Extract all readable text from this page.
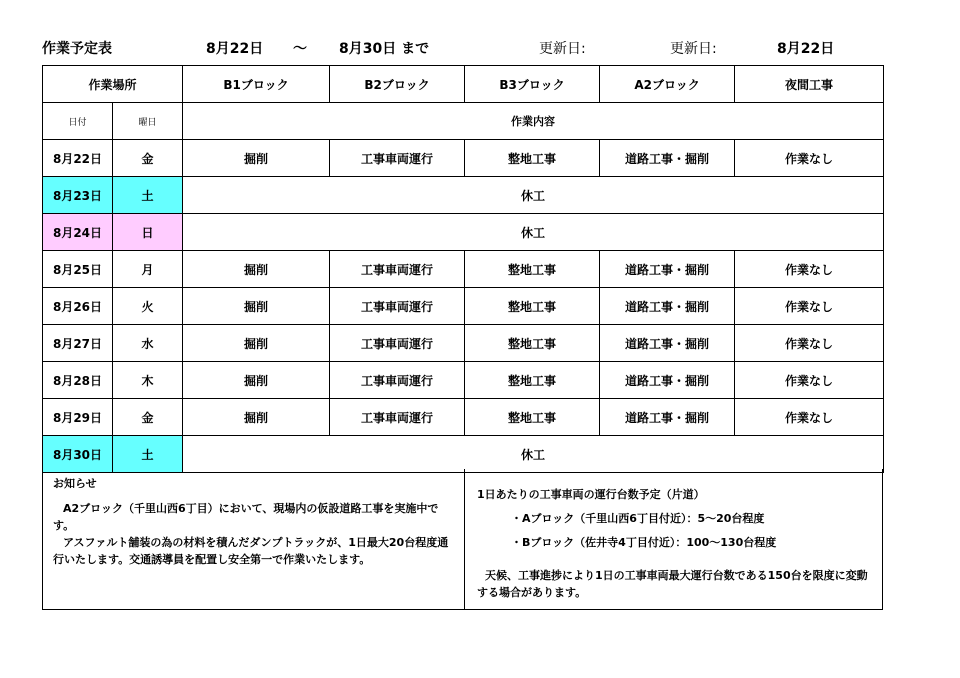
作業予定表	8月22日 〜 8月30日 まで	更新日:	更新日:	8月22日
作業場所		B1ブロック	B2ブロック	B3ブロック	A2ブロック	夜間工事
日付	曜日	作業内容				
8月22日	金	掘削	工事車両運行	整地工事	道路工事・掘削	作業なし
8月23日	土	休工				
8月24日	日	休工				
8月25日	月	掘削	工事車両運行	整地工事	道路工事・掘削	作業なし
8月26日	火	掘削	工事車両運行	整地工事	道路工事・掘削	作業なし
8月27日	水	掘削	工事車両運行	整地工事	道路工事・掘削	作業なし
8月28日	木	掘削	工事車両運行	整地工事	道路工事・掘削	作業なし
8月29日	金	掘削	工事車両運行	整地工事	道路工事・掘削	作業なし
8月30日	土	休工				
お知らせ
A2ブロック（千里山西6丁目）において、現場内の仮設道路工事を実施中です。
アスファルト舗装の為の材料を積んだダンプトラックが、1日最大20台程度通行いたします。交通誘導員を配置し安全第一で作業いたします。
1日あたりの工事車両の運行台数予定（片道）
・Aブロック（千里山西6丁目付近）：5〜20台程度
・Bブロック（佐井寺4丁目付近）：100〜130台程度
天候、工事進捗により1日の工事車両最大運行台数である150台を限度に変動する場合があります。
